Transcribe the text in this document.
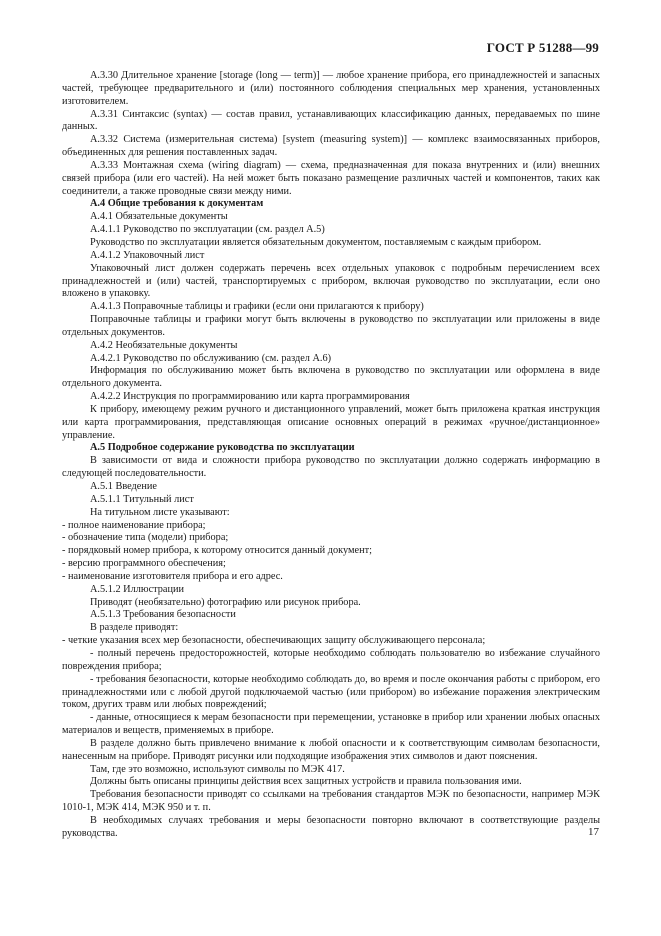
ГОСТ Р 51288—99

А.3.30 Длительное хранение [storage (long — term)] — любое хранение прибора, его принадлежностей и запасных частей, требующее предварительного и (или) постоянного соблюдения специальных мер хранения, установленных изготовителем.

А.3.31 Синтаксис (syntax) — состав правил, устанавливающих классификацию данных, передаваемых по шине данных.

А.3.32 Система (измерительная система) [system (measuring system)] — комплекс взаимосвязанных приборов, объединенных для решения поставленных задач.

А.3.33 Монтажная схема (wiring diagram) — схема, предназначенная для показа внутренних и (или) внешних связей прибора (или его частей). На ней может быть показано размещение различных частей и компонентов, таких как соединители, а также проводные связи между ними.

А.4 Общие требования к документам

А.4.1 Обязательные документы

А.4.1.1 Руководство по эксплуатации (см. раздел А.5)

Руководство по эксплуатации является обязательным документом, поставляемым с каждым прибором.

А.4.1.2 Упаковочный лист

Упаковочный лист должен содержать перечень всех отдельных упаковок с подробным перечислением всех принадлежностей и (или) частей, транспортируемых с прибором, включая руководство по эксплуатации, если оно вложено в упаковку.

А.4.1.3 Поправочные таблицы и графики (если они прилагаются к прибору)

Поправочные таблицы и графики могут быть включены в руководство по эксплуатации или приложены в виде отдельных документов.

А.4.2 Необязательные документы

А.4.2.1 Руководство по обслуживанию (см. раздел А.6)

Информация по обслуживанию может быть включена в руководство по эксплуатации или оформлена в виде отдельного документа.

А.4.2.2 Инструкция по программированию или карта программирования

К прибору, имеющему режим ручного и дистанционного управлений, может быть приложена краткая инструкция или карта программирования, представляющая описание основных операций в режимах «ручное/дистанционное» управление.

А.5 Подробное содержание руководства по эксплуатации

В зависимости от вида и сложности прибора руководство по эксплуатации должно содержать информацию в следующей последовательности.

А.5.1 Введение

А.5.1.1 Титульный лист

На титульном листе указывают:

- полное наименование прибора;

- обозначение типа (модели) прибора;

- порядковый номер прибора, к которому относится данный документ;

- версию программного обеспечения;

- наименование изготовителя прибора и его адрес.

А.5.1.2 Иллюстрации

Приводят (необязательно) фотографию или рисунок прибора.

А.5.1.3 Требования безопасности

В разделе приводят:

- четкие указания всех мер безопасности, обеспечивающих защиту обслуживающего персонала;

- полный перечень предосторожностей, которые необходимо соблюдать пользователю во избежание случайного повреждения прибора;

- требования безопасности, которые необходимо соблюдать до, во время и после окончания работы с прибором, его принадлежностями или с любой другой подключаемой частью (или прибором) во избежание поражения электрическим током, других травм или любых повреждений;

- данные, относящиеся к мерам безопасности при перемещении, установке в прибор или хранении любых опасных материалов и веществ, применяемых в приборе.

В разделе должно быть привлечено внимание к любой опасности и к соответствующим символам безопасности, нанесенным на приборе. Приводят рисунки или подходящие изображения этих символов и дают пояснения.

Там, где это возможно, используют символы по МЭК 417.

Должны быть описаны принципы действия всех защитных устройств и правила пользования ими.

Требования безопасности приводят со ссылками на требования стандартов МЭК по безопасности, например МЭК 1010-1, МЭК 414, МЭК 950 и т. п.

В необходимых случаях требования и меры безопасности повторно включают в соответствующие разделы руководства.	17
